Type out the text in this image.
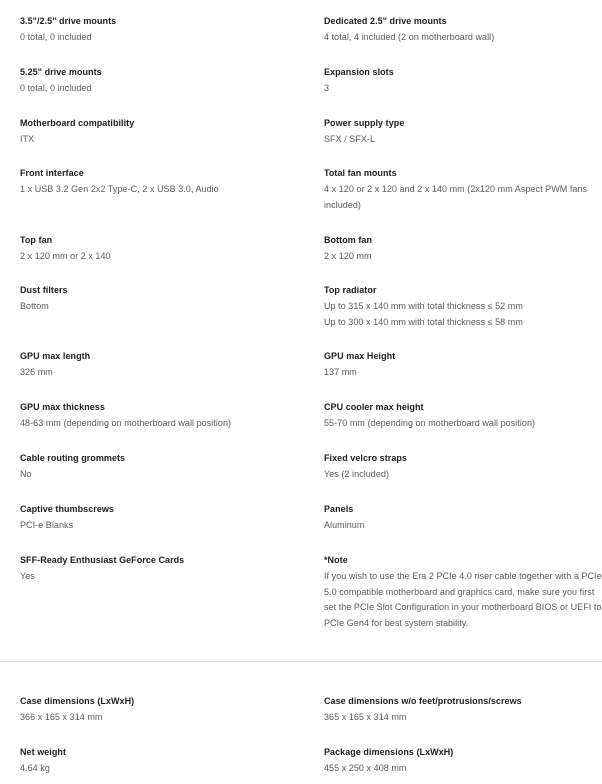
3.5"/2.5" drive mounts
0 total, 0 included
Dedicated 2.5" drive mounts
4 total, 4 included (2 on motherboard wall)
5.25" drive mounts
0 total, 0 included
Expansion slots
3
Motherboard compatibility
ITX
Power supply type
SFX / SFX-L
Front interface
1 x USB 3.2 Gen 2x2 Type-C, 2 x USB 3.0, Audio
Total fan mounts
4 x 120 or 2 x 120 and 2 x 140 mm (2x120 mm Aspect PWM fans
included)
Top fan
2 x 120 mm or 2 x 140
Bottom fan
2 x 120 mm
Dust filters
Bottom
Top radiator
Up to 315 x 140 mm with total thickness ≤ 52 mm
Up to 300 x 140 mm with total thickness ≤ 58 mm
GPU max length
326 mm
GPU max Height
137 mm
GPU max thickness
48-63 mm (depending on motherboard wall position)
CPU cooler max height
55-70 mm (depending on motherboard wall position)
Cable routing grommets
No
Fixed velcro straps
Yes (2 included)
Captive thumbscrews
PCI-e Blanks
Panels
Aluminum
SFF-Ready Enthusiast GeForce Cards
Yes
*Note
If you wish to use the Era 2 PCIe 4.0 riser cable together with a PCIe
5.0 compatible motherboard and graphics card, make sure you first
set the PCIe Slot Configuration in your motherboard BIOS or UEFI to
PCIe Gen4 for best system stability.
Case dimensions (LxWxH)
366 x 165 x 314 mm
Case dimensions w/o feet/protrusions/screws
365 x 165 x 314 mm
Net weight
4.64 kg
Package dimensions (LxWxH)
455 x 250 x 408 mm
